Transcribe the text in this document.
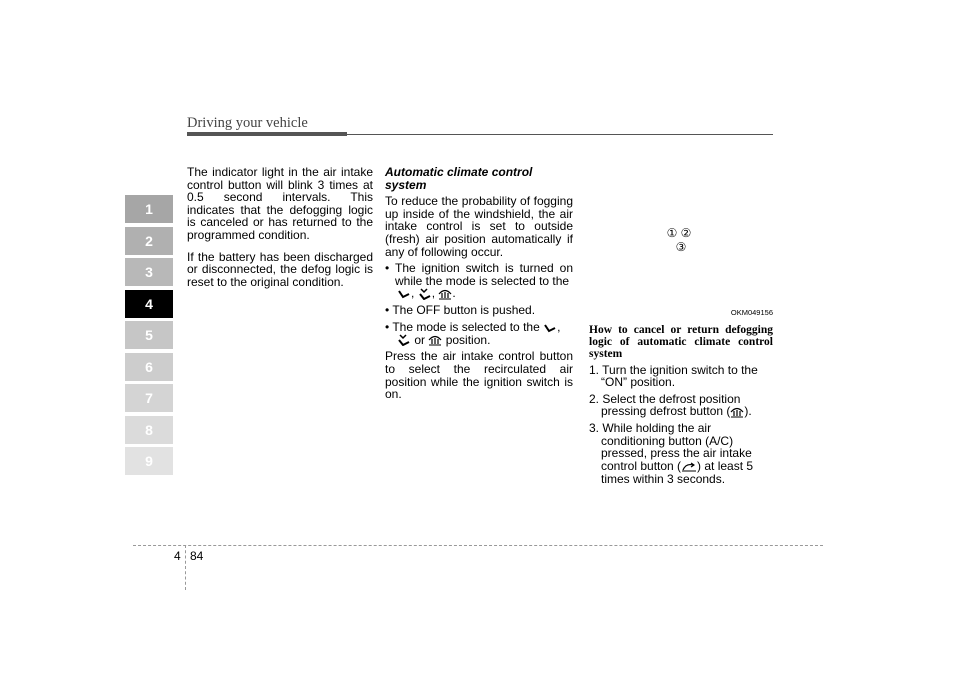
Driving your vehicle
1
2
3
4
5
6
7
8
9

The indicator light in the air intake control button will blink 3 times at 0.5 second intervals. This indicates that the defogging logic is canceled or has returned to the programmed condition.

If the battery has been discharged or disconnected, the defog logic is reset to the original condition.

Automatic climate control system

To reduce the probability of fogging up inside of the windshield, the air intake control is set to outside (fresh) air position automatically if any of following occur.

• The ignition switch is turned on while the mode is selected to the
, , .
• The OFF button is pushed.
• The mode is selected to the ,
or position.

Press the air intake control button to select the recirculated air position while the ignition switch is on.

① ②
③
OKM049156
How to cancel or return defogging logic of automatic climate control system
1. Turn the ignition switch to the “ON” position.
2. Select the defrost position pressing defrost button ( ).
3. While holding the air conditioning button (A/C) pressed, press the air intake control button ( ) at least 5 times within 3 seconds.
4 84
